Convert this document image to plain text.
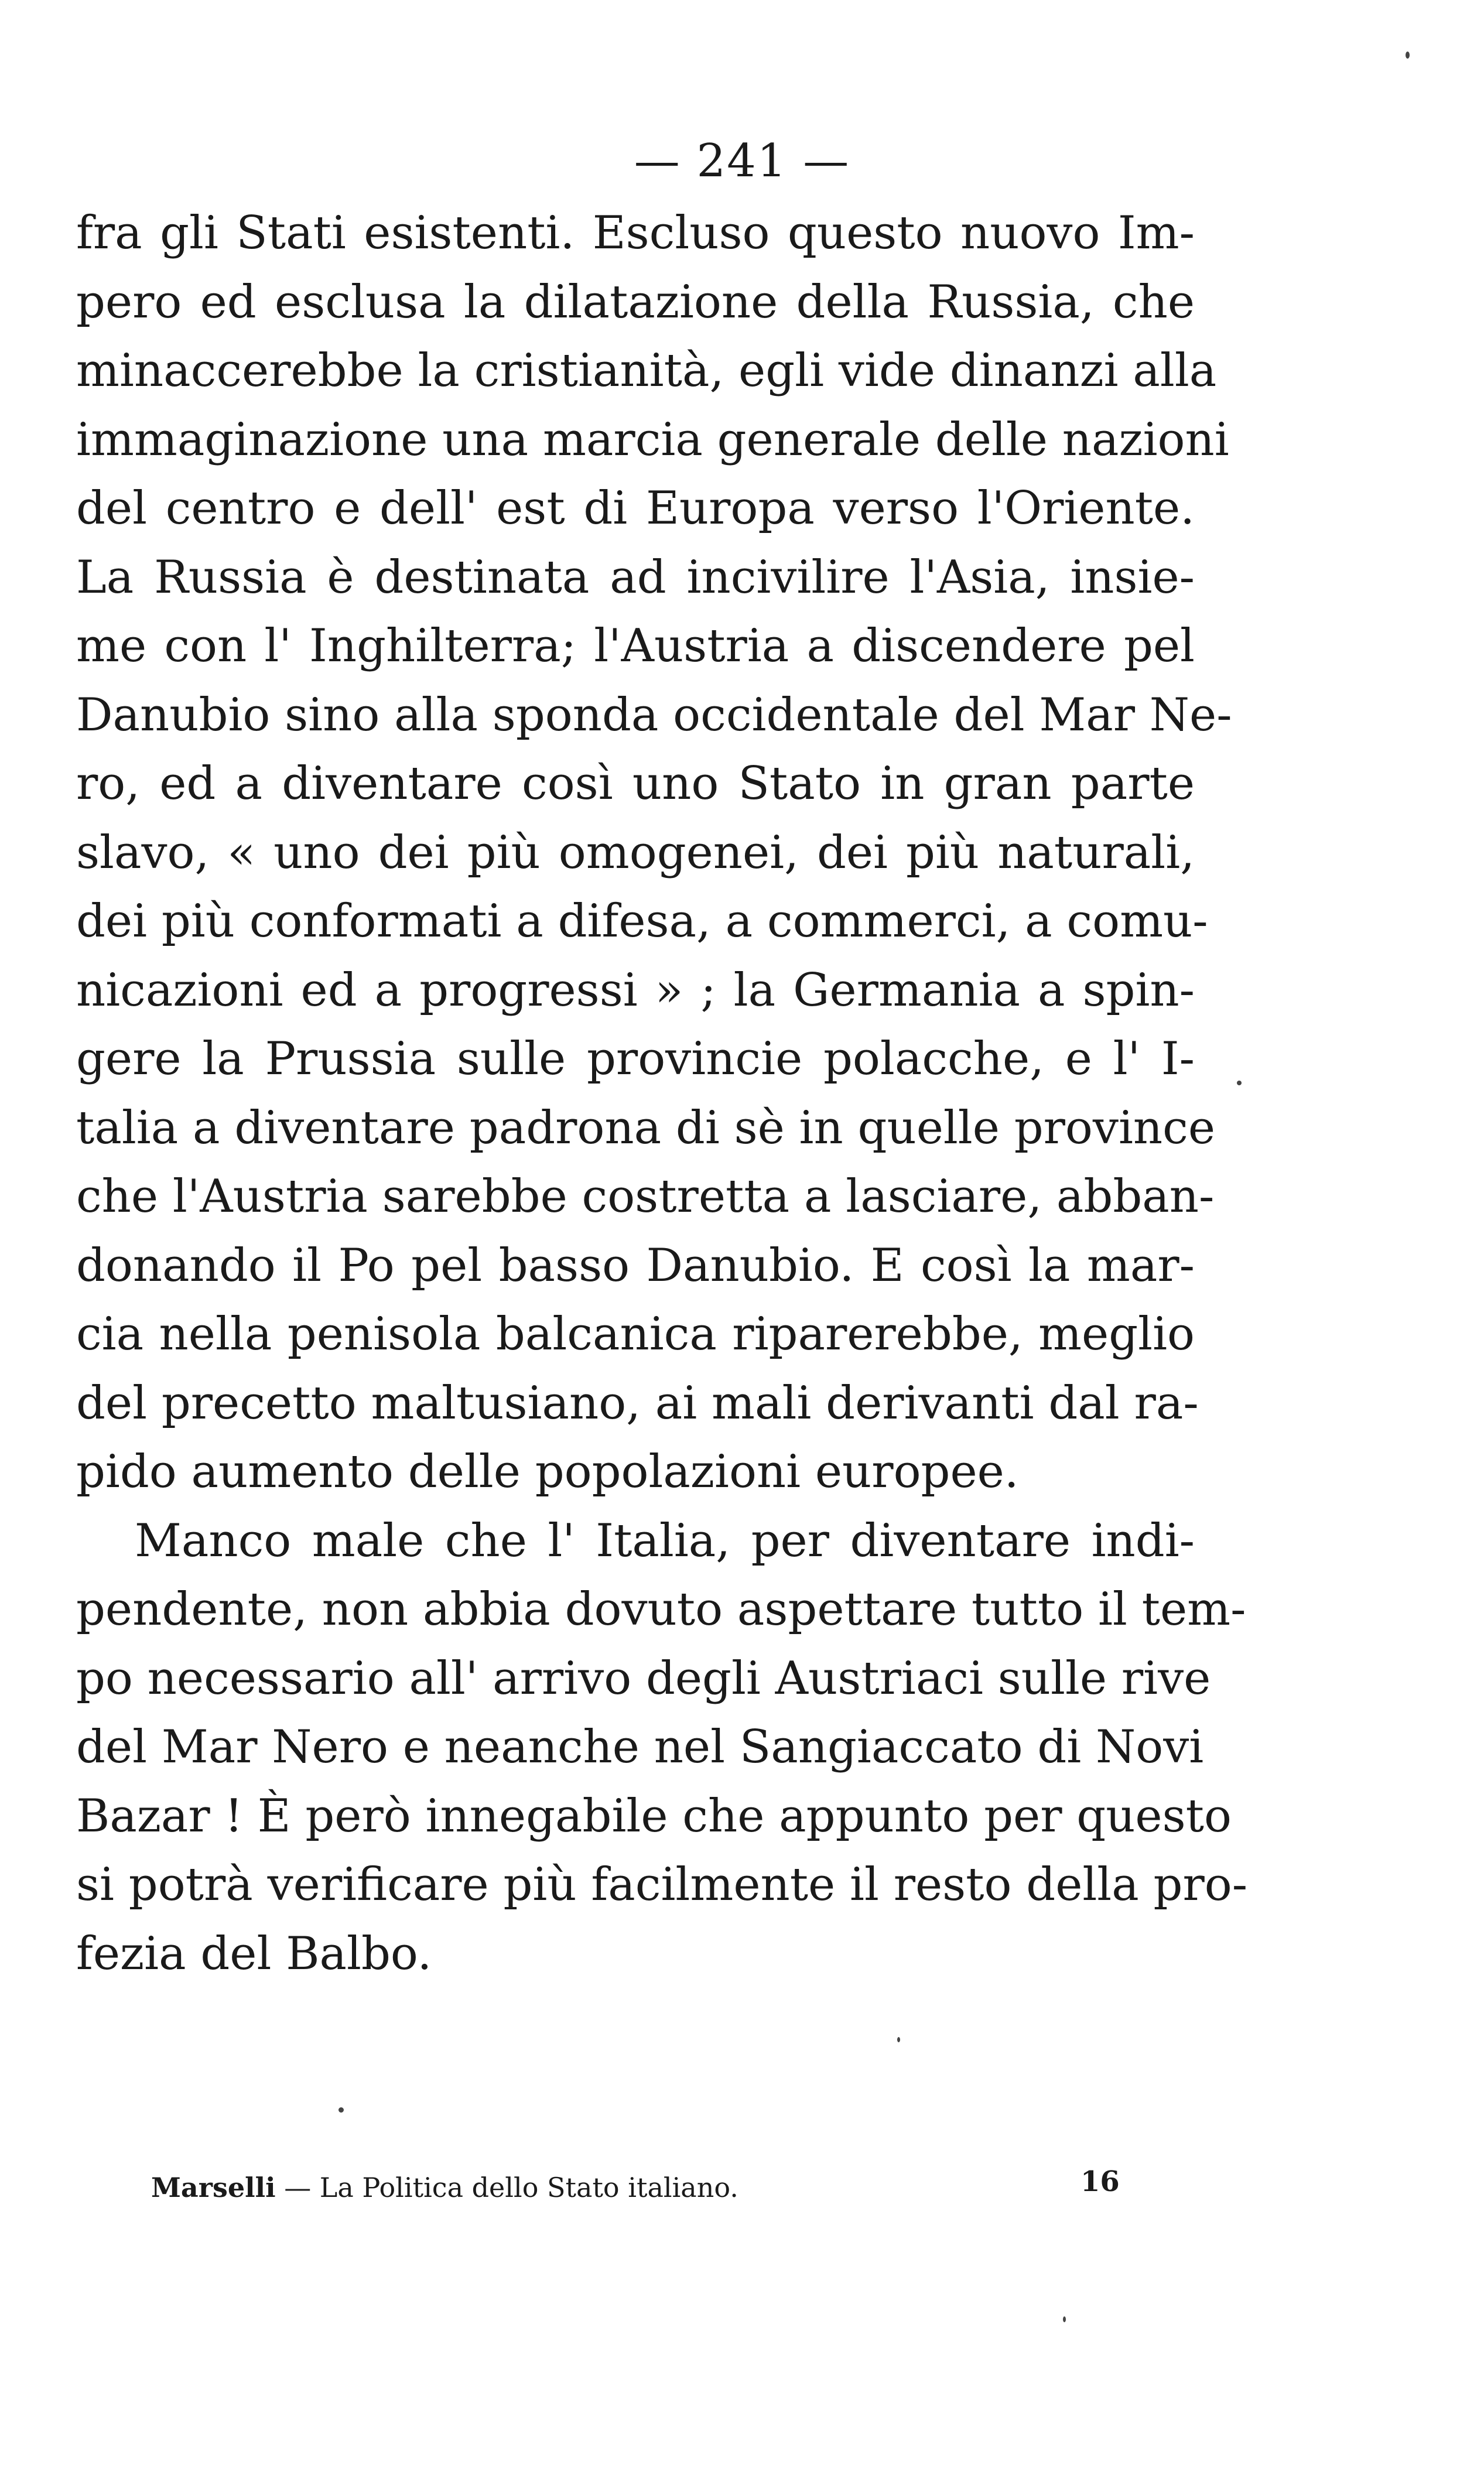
— 241 —
fra gli Stati esistenti. Escluso questo nuovo Im-
pero ed esclusa la dilatazione della Russia, che
minaccerebbe la cristianità, egli vide dinanzi alla
immaginazione una marcia generale delle nazioni
del centro e dell' est di Europa verso l'Oriente.
La Russia è destinata ad incivilire l'Asia, insie-
me con l' Inghilterra; l'Austria a discendere pel
Danubio sino alla sponda occidentale del Mar Ne-
ro, ed a diventare così uno Stato in gran parte
slavo, « uno dei più omogenei, dei più naturali,
dei più conformati a difesa, a commerci, a comu-
nicazioni ed a progressi » ; la Germania a spin-
gere la Prussia sulle provincie polacche, e l' I-
talia a diventare padrona di sè in quelle province
che l'Austria sarebbe costretta a lasciare, abban-
donando il Po pel basso Danubio. E così la mar-
cia nella penisola balcanica riparerebbe, meglio
del precetto maltusiano, ai mali derivanti dal ra-
pido aumento delle popolazioni europee.
Manco male che l' Italia, per diventare indi-
pendente, non abbia dovuto aspettare tutto il tem-
po necessario all' arrivo degli Austriaci sulle rive
del Mar Nero e neanche nel Sangiaccato di Novi
Bazar ! È però innegabile che appunto per questo
si potrà verificare più facilmente il resto della pro-
fezia del Balbo.
Marselli — La Politica dello Stato italiano.	16
